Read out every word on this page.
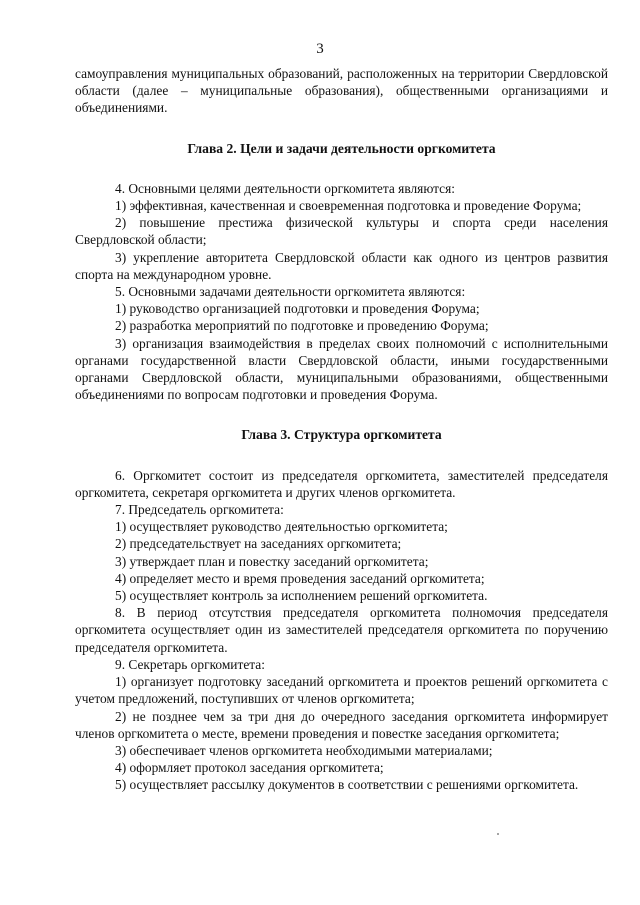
3

самоуправления муниципальных образований, расположенных на территории Свердловской области (далее – муниципальные образования), общественными организациями и объединениями.

Глава 2. Цели и задачи деятельности оргкомитета

4. Основными целями деятельности оргкомитета являются:

1) эффективная, качественная и своевременная подготовка и проведение Форума;

2) повышение престижа физической культуры и спорта среди населения Свердловской области;

3) укрепление авторитета Свердловской области как одного из центров развития спорта на международном уровне.

5. Основными задачами деятельности оргкомитета являются:

1) руководство организацией подготовки и проведения Форума;

2) разработка мероприятий по подготовке и проведению Форума;

3) организация взаимодействия в пределах своих полномочий с исполнительными органами государственной власти Свердловской области, иными государственными органами Свердловской области, муниципальными образованиями, общественными объединениями по вопросам подготовки и проведения Форума.

Глава 3. Структура оргкомитета

6. Оргкомитет состоит из председателя оргкомитета, заместителей председателя оргкомитета, секретаря оргкомитета и других членов оргкомитета.

7. Председатель оргкомитета:

1) осуществляет руководство деятельностью оргкомитета;

2) председательствует на заседаниях оргкомитета;

3) утверждает план и повестку заседаний оргкомитета;

4) определяет место и время проведения заседаний оргкомитета;

5) осуществляет контроль за исполнением решений оргкомитета.

8. В период отсутствия председателя оргкомитета полномочия председателя оргкомитета осуществляет один из заместителей председателя оргкомитета по поручению председателя оргкомитета.

9. Секретарь оргкомитета:

1) организует подготовку заседаний оргкомитета и проектов решений оргкомитета с учетом предложений, поступивших от членов оргкомитета;

2) не позднее чем за три дня до очередного заседания оргкомитета информирует членов оргкомитета о месте, времени проведения и повестке заседания оргкомитета;

3) обеспечивает членов оргкомитета необходимыми материалами;

4) оформляет протокол заседания оргкомитета;

5) осуществляет рассылку документов в соответствии с решениями оргкомитета.
